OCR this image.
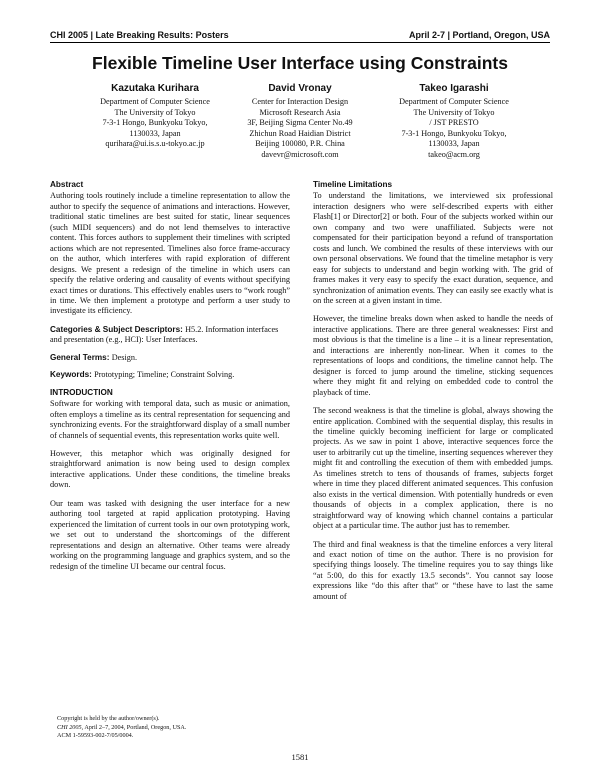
CHI 2005 | Late Breaking Results: Posters	April 2-7 | Portland, Oregon, USA
Flexible Timeline User Interface using Constraints
Kazutaka Kurihara
Department of Computer Science
The University of Tokyo
7-3-1 Hongo, Bunkyoku Tokyo,
1130033, Japan
qurihara@ui.is.s.u-tokyo.ac.jp
David Vronay
Center for Interaction Design
Microsoft Research Asia
3F, Beijing Sigma Center No.49
Zhichun Road Haidian District
Beijing 100080, P.R. China
davevr@microsoft.com
Takeo Igarashi
Department of Computer Science
The University of Tokyo
/ JST PRESTO
7-3-1 Hongo, Bunkyoku Tokyo,
1130033, Japan
takeo@acm.org
Abstract

Authoring tools routinely include a timeline representation to allow the author to specify the sequence of animations and interactions. However, traditional static timelines are best suited for static, linear sequences (such MIDI sequencers) and do not lend themselves to interactive content. This forces authors to supplement their timelines with scripted actions which are not represented. Timelines also force frame-accuracy on the author, which interferes with rapid exploration of different designs. We present a redesign of the timeline in which users can specify the relative ordering and causality of events without specifying exact times or durations. This effectively enables users to “work rough” in time. We then implement a prototype and perform a user study to investigate its efficiency.

Categories & Subject Descriptors: H5.2. Information interfaces and presentation (e.g., HCI): User Interfaces.
General Terms: Design.
Keywords: Prototyping; Timeline; Constraint Solving.
INTRODUCTION

Software for working with temporal data, such as music or animation, often employs a timeline as its central representation for sequencing and synchronizing events. For the straightforward display of a small number of channels of sequential events, this representation works quite well.

However, this metaphor which was originally designed for straightforward animation is now being used to design complex interactive applications. Under these conditions, the timeline breaks down.

Our team was tasked with designing the user interface for a new authoring tool targeted at rapid application prototyping. Having experienced the limitation of current tools in our own prototyping work, we set out to understand the shortcomings of the different representations and design an alternative. Other teams were already working on the programming language and graphics system, and so the redesign of the timeline UI became our central focus.

Copyright is held by the author/owner(s).
CHI 2005, April 2–7, 2004, Portland, Oregon, USA.
ACM 1-59593-002-7/05/0004.
Timeline Limitations

To understand the limitations, we interviewed six professional interaction designers who were self-described experts with either Flash[1] or Director[2] or both. Four of the subjects worked within our own company and two were unaffiliated. Subjects were not compensated for their participation beyond a refund of transportation costs and lunch. We combined the results of these interviews with our own personal observations. We found that the timeline metaphor is very easy for subjects to understand and begin working with. The grid of frames makes it very easy to specify the exact duration, sequence, and synchronization of animation events. They can easily see exactly what is on the screen at a given instant in time.

However, the timeline breaks down when asked to handle the needs of interactive applications. There are three general weaknesses: First and most obvious is that the timeline is a line – it is a linear representation, and interactions are inherently non-linear. When it comes to the representations of loops and conditions, the timeline cannot help. The designer is forced to jump around the timeline, sticking sequences where they might fit and relying on embedded code to control the playback of time.

The second weakness is that the timeline is global, always showing the entire application. Combined with the sequential display, this results in the timeline quickly becoming inefficient for large or complicated projects. As we saw in point 1 above, interactive sequences force the user to arbitrarily cut up the timeline, inserting sequences wherever they might fit and controlling the execution of them with embedded jumps. As timelines stretch to tens of thousands of frames, subjects forget where in time they placed different animated sequences. This confusion also exists in the vertical dimension. With potentially hundreds or even thousands of objects in a complex application, there is no straightforward way of knowing which channel contains a particular object at a particular time. The author just has to remember.

The third and final weakness is that the timeline enforces a very literal and exact notion of time on the author. There is no provision for specifying things loosely. The timeline requires you to say things like “at 5:00, do this for exactly 13.5 seconds”. You cannot say loose expressions like “do this after that” or “these have to last the same amount of

1581
